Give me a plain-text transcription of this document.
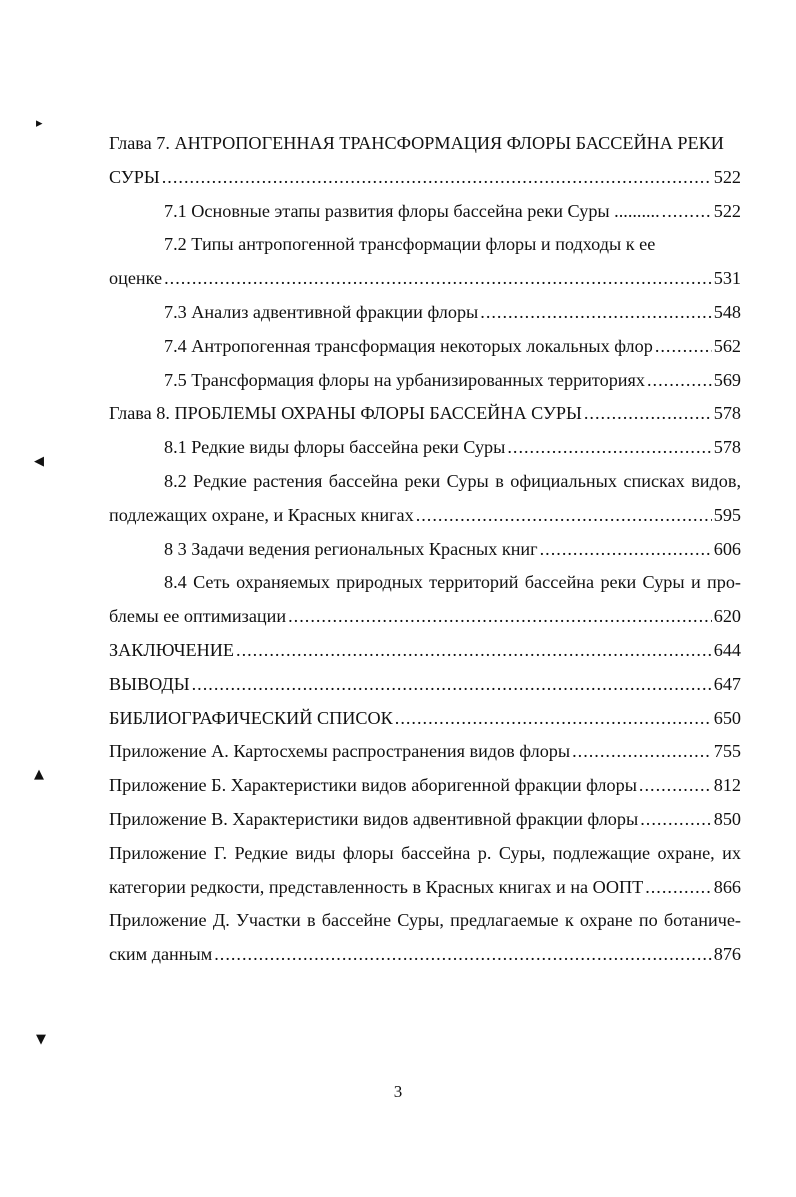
▸
◀
▲
▼
Глава 7. АНТРОПОГЕННАЯ ТРАНСФОРМАЦИЯ ФЛОРЫ БАССЕЙНА РЕКИ
СУРЫ .....	522
7.1 Основные этапы развития флоры бассейна реки Суры .......... .....	522
7.2 Типы антропогенной трансформации флоры и подходы к ее
оценке .....	531
7.3 Анализ адвентивной фракции флоры .....	548
7.4 Антропогенная трансформация некоторых локальных флор .....	562
7.5 Трансформация флоры на урбанизированных территориях .....	569
Глава 8. ПРОБЛЕМЫ ОХРАНЫ ФЛОРЫ БАССЕЙНА СУРЫ .....	578
8.1 Редкие виды флоры бассейна реки Суры .....	578
8.2 Редкие растения бассейна реки Суры в официальных списках видов,
подлежащих охране, и Красных книгах .....	595
8 3 Задачи ведения региональных Красных книг .....	606
8.4 Сеть охраняемых природных территорий бассейна реки Суры и про-
блемы ее оптимизации .....	620
ЗАКЛЮЧЕНИЕ .....	644
ВЫВОДЫ .....	647
БИБЛИОГРАФИЧЕСКИЙ СПИСОК .....	650
Приложение А. Картосхемы распространения видов флоры .....	755
Приложение Б. Характеристики видов аборигенной фракции флоры .....	812
Приложение В. Характеристики видов адвентивной фракции флоры .....	850
Приложение Г. Редкие виды флоры бассейна р. Суры, подлежащие охране, их
категории редкости, представленность в Красных книгах и на ООПТ .....	866
Приложение Д. Участки в бассейне Суры, предлагаемые к охране по ботаниче-
ским данным .....	876
3
